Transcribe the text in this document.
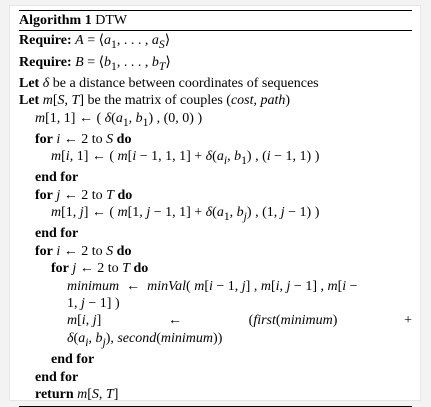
Algorithm 1 DTW
Require: $A = ⟨a_1$, . . . , $a_S⟩$
Require: $B = ⟨b_1$, . . . , $b_T⟩$
Let δ be a distance between coordinates of sequences
Let m[S, T] be the matrix of couples (cost, path)
m[1, 1] ← ( $\delta(a_1$, $b_1$) , (0, 0) )
for i ← 2 to S do
m[i, 1] ← ( m[i − 1, 1, $1] + \delta(a_i$, $b_1$) , (i − 1, 1) )
end for
for j ← 2 to T do
m[1, j] ← ( m[1, j − 1, $1] + \delta(a_1$, $b_j$) , (1, j − 1) )
end for
for i ← 2 to S do
for j ← 2 to T do
minimum  ←  minVal( m[i − 1, j] , m[i, j − 1] , m[i −
1, j − 1] )
m[i, j]	←	(first(minimum)	+
$\delta(a_i$, $b_j$), second(minimum))
end for
end for
return m[S, T]
